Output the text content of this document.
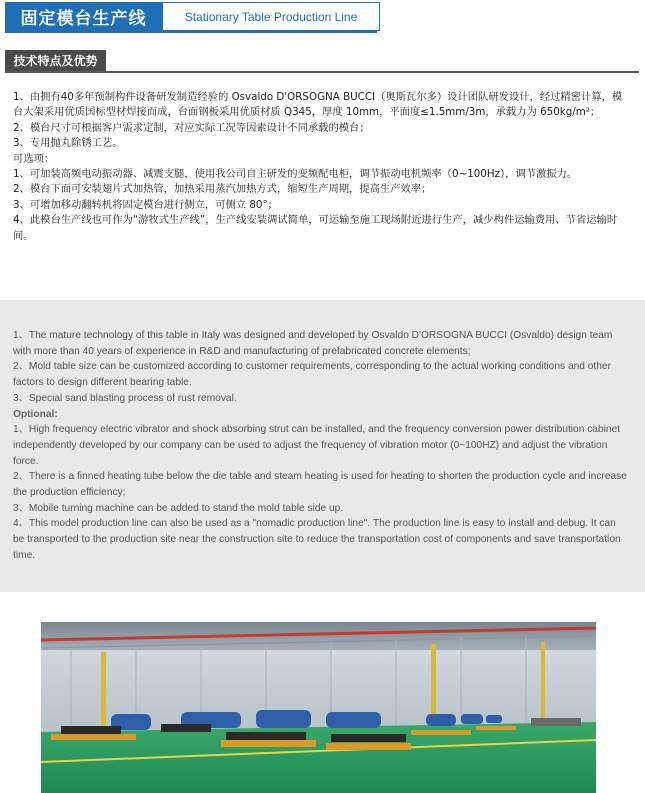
固定模台生产线	Stationary Table Production Line
技术特点及优势

1、由拥有40多年预制构件设备研发制造经验的 Osvaldo D'ORSOGNA BUCCI（奥斯瓦尔多）设计团队研发设计，经过精密计算，模台大架采用优质国标型材焊接而成，台面钢板采用优质材质 Q345，厚度 10mm，平面度≤1.5mm/3m，承载力为 650kg/m²；

2、模台尺寸可根据客户需求定制，对应实际工况等因素设计不同承载的模台；

3、专用抛丸除锈工艺。

可选项：

1、可加装高频电动振动器、减震支腿，使用我公司自主研发的变频配电柜，调节振动电机频率（0~100Hz），调节激振力。

2、模台下面可安装翅片式加热管，加热采用蒸汽加热方式，缩短生产周期，提高生产效率；

3、可增加移动翻转机将固定模台进行侧立，可侧立 80°；

4、此模台生产线也可作为“游牧式生产线”，生产线安装调试简单，可运输至施工现场附近进行生产，减少构件运输费用、节省运输时间。

1、The mature technology of this table in Italy was designed and developed by Osvaldo D'ORSOGNA BUCCI (Osvaldo) design team with more than 40 years of experience in R&D and manufacturing of prefabricated concrete elements;

2、Mold table size can be customized according to customer requirements, corresponding to the actual working conditions and other factors to design different bearing table.

3、Special sand blasting process of rust removal.

Optional:

1、High frequency electric vibrator and shock absorbing strut can be installed, and the frequency conversion power distribution cabinet independently developed by our company can be used to adjust the frequency of vibration motor (0~100HZ) and adjust the vibration force.

2、There is a finned heating tube below the die table and steam heating is used for heating to shorten the production cycle and increase the production efficiency;

3、Mobile turning machine can be added to stand the mold table side up.

4、This model production line can also be used as a "nomadic production line". The production line is easy to install and debug. It can be transported to the production site near the construction site to reduce the transportation cost of components and save transportation time.
